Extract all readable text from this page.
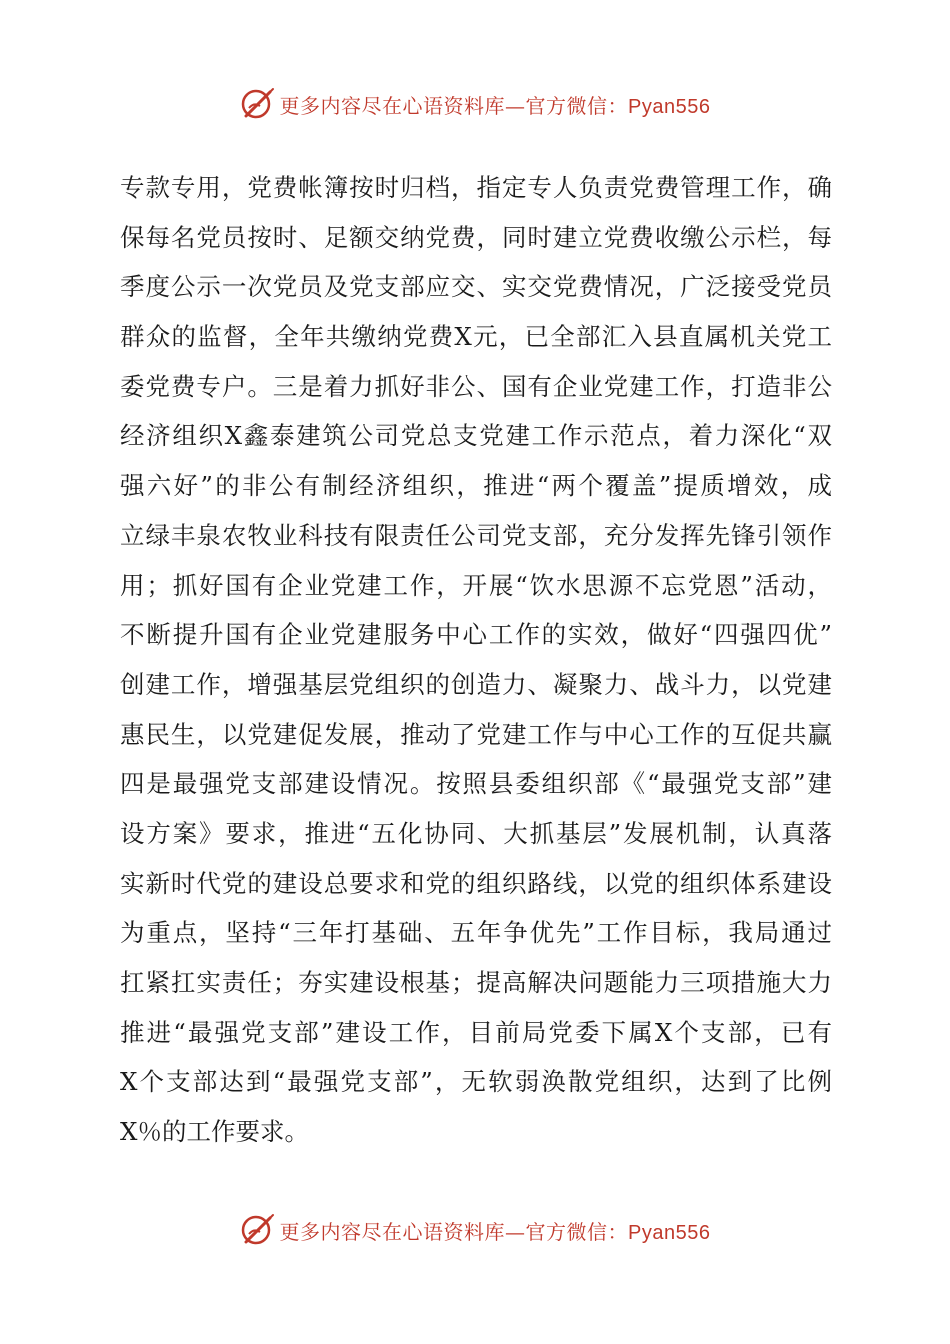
更多内容尽在心语资料库—官方微信：Pyan556
专款专用，党费帐簿按时归档，指定专人负责党费管理工作，确
保每名党员按时、足额交纳党费，同时建立党费收缴公示栏，每
季度公示一次党员及党支部应交、实交党费情况，广泛接受党员
群众的监督，全年共缴纳党费X元，已全部汇入县直属机关党工
委党费专户。三是着力抓好非公、国有企业党建工作，打造非公
经济组织X鑫泰建筑公司党总支党建工作示范点，着力深化“双
强六好”的非公有制经济组织，推进“两个覆盖”提质增效，成
立绿丰泉农牧业科技有限责任公司党支部，充分发挥先锋引领作
用；抓好国有企业党建工作，开展“饮水思源不忘党恩”活动，
不断提升国有企业党建服务中心工作的实效，做好“四强四优”
创建工作，增强基层党组织的创造力、凝聚力、战斗力，以党建
惠民生，以党建促发展，推动了党建工作与中心工作的互促共赢
四是最强党支部建设情况。按照县委组织部《“最强党支部”建
设方案》要求，推进“五化协同、大抓基层”发展机制，认真落
实新时代党的建设总要求和党的组织路线，以党的组织体系建设
为重点，坚持“三年打基础、五年争优先”工作目标，我局通过
扛紧扛实责任；夯实建设根基；提高解决问题能力三项措施大力
推进“最强党支部”建设工作，目前局党委下属X个支部，已有
X个支部达到“最强党支部”，无软弱涣散党组织，达到了比例
X％的工作要求。
更多内容尽在心语资料库—官方微信：Pyan556
